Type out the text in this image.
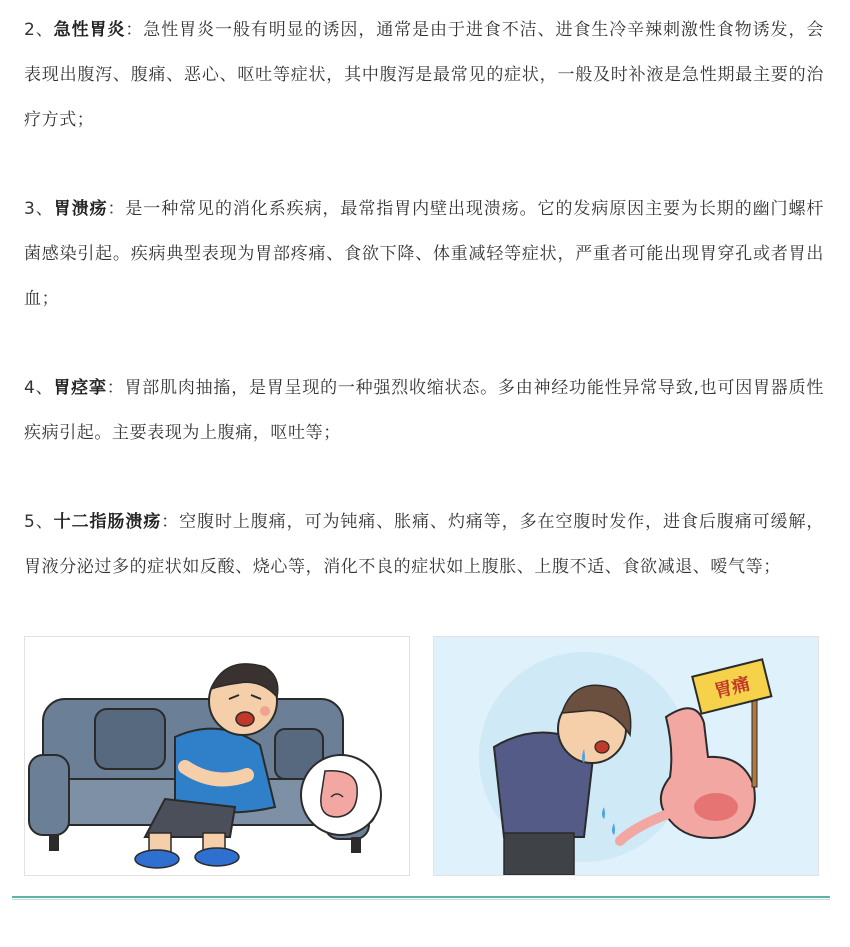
2、急性胃炎：急性胃炎一般有明显的诱因，通常是由于进食不洁、进食生冷辛辣刺激性食物诱发，会表现出腹泻、腹痛、恶心、呕吐等症状，其中腹泻是最常见的症状，一般及时补液是急性期最主要的治疗方式；

3、胃溃疡：是一种常见的消化系疾病，最常指胃内壁出现溃疡。它的发病原因主要为长期的幽门螺杆菌感染引起。疾病典型表现为胃部疼痛、食欲下降、体重减轻等症状，严重者可能出现胃穿孔或者胃出血；

4、胃痉挛：胃部肌肉抽搐，是胃呈现的一种强烈收缩状态。多由神经功能性异常导致,也可因胃器质性疾病引起。主要表现为上腹痛，呕吐等；

5、十二指肠溃疡：空腹时上腹痛，可为钝痛、胀痛、灼痛等，多在空腹时发作，进食后腹痛可缓解，胃液分泌过多的症状如反酸、烧心等，消化不良的症状如上腹胀、上腹不适、食欲减退、嗳气等；

胃痛
